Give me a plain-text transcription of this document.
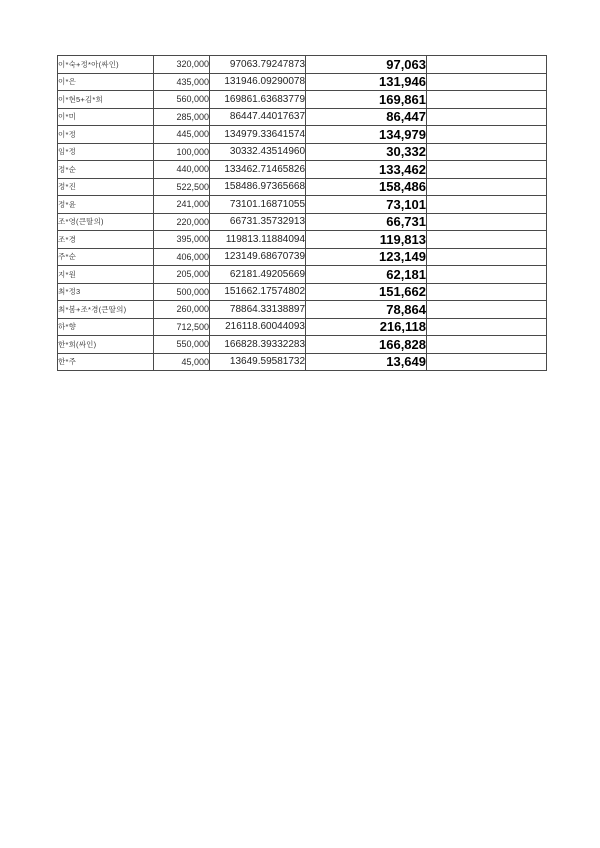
이*숙+정*아(싸인)	320,000	97063.79247873	97,063	
이*은	435,000	131946.09290078	131,946	
이*현5+김*희	560,000	169861.63683779	169,861	
이*미	285,000	86447.44017637	86,447	
이*정	445,000	134979.33641574	134,979	
임*정	100,000	30332.43514960	30,332	
정*순	440,000	133462.71465826	133,462	
정*진	522,500	158486.97365668	158,486	
정*윤	241,000	73101.16871055	73,101	
조*영(큰딸의)	220,000	66731.35732913	66,731	
조*경	395,000	119813.11884094	119,813	
주*순	406,000	123149.68670739	123,149	
지*원	205,000	62181.49205669	62,181	
최*정3	500,000	151662.17574802	151,662	
최*봄+조*경(큰딸의)	260,000	78864.33138897	78,864	
하*향	712,500	216118.60044093	216,118	
한*희(싸인)	550,000	166828.39332283	166,828	
한*주	45,000	13649.59581732	13,649	
